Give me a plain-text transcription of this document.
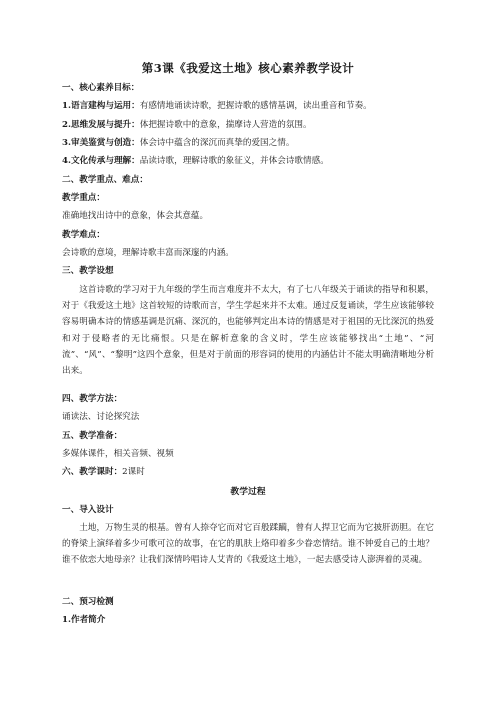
第3课《我爱这土地》核心素养教学设计
一、核心素养目标：
1.语言建构与运用：有感情地诵读诗歌，把握诗歌的感情基调，读出重音和节奏。
2.思维发展与提升：体把握诗歌中的意象，揣摩诗人营造的氛围。
3.审美鉴赏与创造：体会诗中蕴含的深沉而真挚的爱国之情。
4.文化传承与理解：品读诗歌，理解诗歌的象征义，并体会诗歌情感。
二、教学重点、难点：
教学重点：
准确地找出诗中的意象，体会其意蕴。
教学难点：
会诗歌的意境，理解诗歌丰富而深邃的内涵。
三、教学设想
这首诗歌的学习对于九年级的学生而言难度并不太大，有了七八年级关于诵读的指导和积累，对于《我爱这土地》这首较短的诗歌而言，学生学起来并不太难。通过反复诵读，学生应该能够较容易明确本诗的情感基调是沉痛、深沉的，也能够判定出本诗的情感是对于祖国的无比深沉的热爱和对于侵略者的无比痛恨。只是在解析意象的含义时，学生应该能够找出“土地”、“河流”、“风”、“黎明”这四个意象，但是对于前面的形容词的使用的内涵估计不能太明确清晰地分析出来。
四、教学方法：
诵读法、讨论探究法
五、教学准备：
多媒体课件，相关音频、视频
六、教学课时：2课时
教学过程
一、导入设计
土地，万物生灵的根基。曾有人捺夺它而对它百般蹂躏，曾有人捍卫它而为它披肝沥胆。在它的脊梁上演绎着多少可歌可泣的故事，在它的肌肤上烙印着多少眷恋情结。谁不钟爱自己的土地？谁不依恋大地母亲？让我们深情吟唱诗人艾青的《我爱这土地》，一起去感受诗人澎湃着的灵魂。
二、预习检测
1.作者简介
